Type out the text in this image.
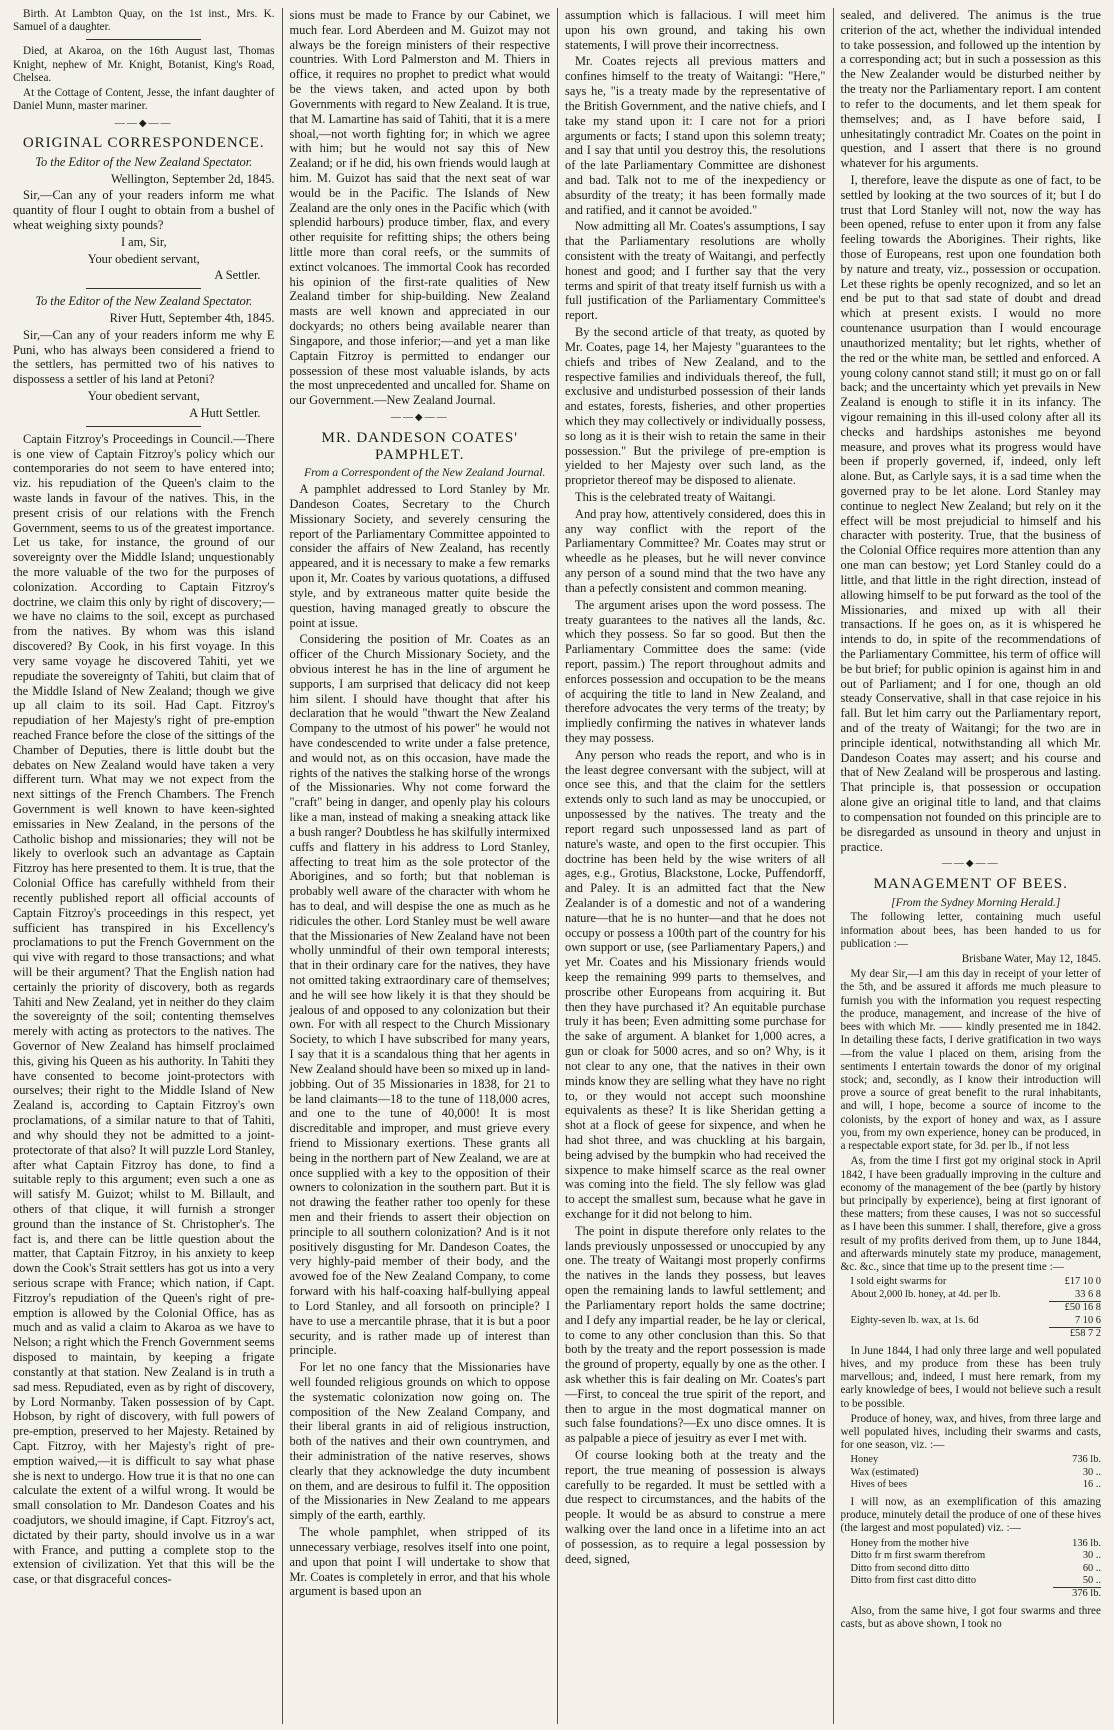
Birth. At Lambton Quay, on the 1st inst., Mrs. K. Samuel of a daughter.

Died, at Akaroa, on the 16th August last, Thomas Knight, nephew of Mr. Knight, Botanist, King's Road, Chelsea.

At the Cottage of Content, Jesse, the infant daughter of Daniel Munn, master mariner.

——◆——
ORIGINAL CORRESPONDENCE.

To the Editor of the New Zealand Spectator.

Wellington, September 2d, 1845.

Sir,—Can any of your readers inform me what quantity of flour I ought to obtain from a bushel of wheat weighing sixty pounds?

I am, Sir,

Your obedient servant,

A Settler.

To the Editor of the New Zealand Spectator.

River Hutt, September 4th, 1845.

Sir,—Can any of your readers inform me why E Puni, who has always been considered a friend to the settlers, has permitted two of his natives to dispossess a settler of his land at Petoni?

Your obedient servant,

A Hutt Settler.

Captain Fitzroy's Proceedings in Council.—There is one view of Captain Fitzroy's policy which our contemporaries do not seem to have entered into; viz. his repudiation of the Queen's claim to the waste lands in favour of the natives. This, in the present crisis of our relations with the French Government, seems to us of the greatest importance. Let us take, for instance, the ground of our sovereignty over the Middle Island; unquestionably the more valuable of the two for the purposes of colonization. According to Captain Fitzroy's doctrine, we claim this only by right of discovery;—we have no claims to the soil, except as purchased from the natives. By whom was this island discovered? By Cook, in his first voyage. In this very same voyage he discovered Tahiti, yet we repudiate the sovereignty of Tahiti, but claim that of the Middle Island of New Zealand; though we give up all claim to its soil. Had Capt. Fitzroy's repudiation of her Majesty's right of pre-emption reached France before the close of the sittings of the Chamber of Deputies, there is little doubt but the debates on New Zealand would have taken a very different turn. What may we not expect from the next sittings of the French Chambers. The French Government is well known to have keen-sighted emissaries in New Zealand, in the persons of the Catholic bishop and missionaries; they will not be likely to overlook such an advantage as Captain Fitzroy has here presented to them. It is true, that the Colonial Office has carefully withheld from their recently published report all official accounts of Captain Fitzroy's proceedings in this respect, yet sufficient has transpired in his Excellency's proclamations to put the French Government on the qui vive with regard to those transactions; and what will be their argument? That the English nation had certainly the priority of discovery, both as regards Tahiti and New Zealand, yet in neither do they claim the sovereignty of the soil; contenting themselves merely with acting as protectors to the natives. The Governor of New Zealand has himself proclaimed this, giving his Queen as his authority. In Tahiti they have consented to become joint-protectors with ourselves; their right to the Middle Island of New Zealand is, according to Captain Fitzroy's own proclamations, of a similar nature to that of Tahiti, and why should they not be admitted to a joint-protectorate of that also? It will puzzle Lord Stanley, after what Captain Fitzroy has done, to find a suitable reply to this argument; even such a one as will satisfy M. Guizot; whilst to M. Billault, and others of that clique, it will furnish a stronger ground than the instance of St. Christopher's. The fact is, and there can be little question about the matter, that Captain Fitzroy, in his anxiety to keep down the Cook's Strait settlers has got us into a very serious scrape with France; which nation, if Capt. Fitzroy's repudiation of the Queen's right of pre-emption is allowed by the Colonial Office, has as much and as valid a claim to Akaroa as we have to Nelson; a right which the French Government seems disposed to maintain, by keeping a frigate constantly at that station. New Zealand is in truth a sad mess. Repudiated, even as by right of discovery, by Lord Normanby. Taken possession of by Capt. Hobson, by right of discovery, with full powers of pre-emption, preserved to her Majesty. Retained by Capt. Fitzroy, with her Majesty's right of pre-emption waived,—it is difficult to say what phase she is next to undergo. How true it is that no one can calculate the extent of a wilful wrong. It would be small consolation to Mr. Dandeson Coates and his coadjutors, we should imagine, if Capt. Fitzroy's act, dictated by their party, should involve us in a war with France, and putting a complete stop to the extension of civilization. Yet that this will be the case, or that disgraceful conces-

sions must be made to France by our Cabinet, we much fear. Lord Aberdeen and M. Guizot may not always be the foreign ministers of their respective countries. With Lord Palmerston and M. Thiers in office, it requires no prophet to predict what would be the views taken, and acted upon by both Governments with regard to New Zealand. It is true, that M. Lamartine has said of Tahiti, that it is a mere shoal,—not worth fighting for; in which we agree with him; but he would not say this of New Zealand; or if he did, his own friends would laugh at him. M. Guizot has said that the next seat of war would be in the Pacific. The Islands of New Zealand are the only ones in the Pacific which (with splendid harbours) produce timber, flax, and every other requisite for refitting ships; the others being little more than coral reefs, or the summits of extinct volcanoes. The immortal Cook has recorded his opinion of the first-rate qualities of New Zealand timber for ship-building. New Zealand masts are well known and appreciated in our dockyards; no others being available nearer than Singapore, and those inferior;—and yet a man like Captain Fitzroy is permitted to endanger our possession of these most valuable islands, by acts the most unprecedented and uncalled for. Shame on our Government.—New Zealand Journal.

——◆——
MR. DANDESON COATES' PAMPHLET.

From a Correspondent of the New Zealand Journal.

A pamphlet addressed to Lord Stanley by Mr. Dandeson Coates, Secretary to the Church Missionary Society, and severely censuring the report of the Parliamentary Committee appointed to consider the affairs of New Zealand, has recently appeared, and it is necessary to make a few remarks upon it, Mr. Coates by various quotations, a diffused style, and by extraneous matter quite beside the question, having managed greatly to obscure the point at issue.

Considering the position of Mr. Coates as an officer of the Church Missionary Society, and the obvious interest he has in the line of argument he supports, I am surprised that delicacy did not keep him silent. I should have thought that after his declaration that he would "thwart the New Zealand Company to the utmost of his power" he would not have condescended to write under a false pretence, and would not, as on this occasion, have made the rights of the natives the stalking horse of the wrongs of the Missionaries. Why not come forward the "craft" being in danger, and openly play his colours like a man, instead of making a sneaking attack like a bush ranger? Doubtless he has skilfully intermixed cuffs and flattery in his address to Lord Stanley, affecting to treat him as the sole protector of the Aborigines, and so forth; but that nobleman is probably well aware of the character with whom he has to deal, and will despise the one as much as he ridicules the other. Lord Stanley must be well aware that the Missionaries of New Zealand have not been wholly unmindful of their own temporal interests; that in their ordinary care for the natives, they have not omitted taking extraordinary care of themselves; and he will see how likely it is that they should be jealous of and opposed to any colonization but their own. For with all respect to the Church Missionary Society, to which I have subscribed for many years, I say that it is a scandalous thing that her agents in New Zealand should have been so mixed up in land-jobbing. Out of 35 Missionaries in 1838, for 21 to be land claimants—18 to the tune of 118,000 acres, and one to the tune of 40,000! It is most discreditable and improper, and must grieve every friend to Missionary exertions. These grants all being in the northern part of New Zealand, we are at once supplied with a key to the opposition of their owners to colonization in the southern part. But it is not drawing the feather rather too openly for these men and their friends to assert their objection on principle to all southern colonization? And is it not positively disgusting for Mr. Dandeson Coates, the very highly-paid member of their body, and the avowed foe of the New Zealand Company, to come forward with his half-coaxing half-bullying appeal to Lord Stanley, and all forsooth on principle? I have to use a mercantile phrase, that it is but a poor security, and is rather made up of interest than principle.

For let no one fancy that the Missionaries have well founded religious grounds on which to oppose the systematic colonization now going on. The composition of the New Zealand Company, and their liberal grants in aid of religious instruction, both of the natives and their own countrymen, and their administration of the native reserves, shows clearly that they acknowledge the duty incumbent on them, and are desirous to fulfil it. The opposition of the Missionaries in New Zealand to me appears simply of the earth, earthly.

The whole pamphlet, when stripped of its unnecessary verbiage, resolves itself into one point, and upon that point I will undertake to show that Mr. Coates is completely in error, and that his whole argument is based upon an

assumption which is fallacious. I will meet him upon his own ground, and taking his own statements, I will prove their incorrectness.

Mr. Coates rejects all previous matters and confines himself to the treaty of Waitangi: "Here," says he, "is a treaty made by the representative of the British Government, and the native chiefs, and I take my stand upon it: I care not for a priori arguments or facts; I stand upon this solemn treaty; and I say that until you destroy this, the resolutions of the late Parliamentary Committee are dishonest and bad. Talk not to me of the inexpediency or absurdity of the treaty; it has been formally made and ratified, and it cannot be avoided."

Now admitting all Mr. Coates's assumptions, I say that the Parliamentary resolutions are wholly consistent with the treaty of Waitangi, and perfectly honest and good; and I further say that the very terms and spirit of that treaty itself furnish us with a full justification of the Parliamentary Committee's report.

By the second article of that treaty, as quoted by Mr. Coates, page 14, her Majesty "guarantees to the chiefs and tribes of New Zealand, and to the respective families and individuals thereof, the full, exclusive and undisturbed possession of their lands and estates, forests, fisheries, and other properties which they may collectively or individually possess, so long as it is their wish to retain the same in their possession." But the privilege of pre-emption is yielded to her Majesty over such land, as the proprietor thereof may be disposed to alienate.

This is the celebrated treaty of Waitangi.

And pray how, attentively considered, does this in any way conflict with the report of the Parliamentary Committee? Mr. Coates may strut or wheedle as he pleases, but he will never convince any person of a sound mind that the two have any than a pefectly consistent and common meaning.

The argument arises upon the word possess. The treaty guarantees to the natives all the lands, &c. which they possess. So far so good. But then the Parliamentary Committee does the same: (vide report, passim.) The report throughout admits and enforces possession and occupation to be the means of acquiring the title to land in New Zealand, and therefore advocates the very terms of the treaty; by impliedly confirming the natives in whatever lands they may possess.

Any person who reads the report, and who is in the least degree conversant with the subject, will at once see this, and that the claim for the settlers extends only to such land as may be unoccupied, or unpossessed by the natives. The treaty and the report regard such unpossessed land as part of nature's waste, and open to the first occupier. This doctrine has been held by the wise writers of all ages, e.g., Grotius, Blackstone, Locke, Puffendorff, and Paley. It is an admitted fact that the New Zealander is of a domestic and not of a wandering nature—that he is no hunter—and that he does not occupy or possess a 100th part of the country for his own support or use, (see Parliamentary Papers,) and yet Mr. Coates and his Missionary friends would keep the remaining 999 parts to themselves, and proscribe other Europeans from acquiring it. But then they have purchased it? An equitable purchase truly it has been; Even admitting some purchase for the sake of argument. A blanket for 1,000 acres, a gun or cloak for 5000 acres, and so on? Why, is it not clear to any one, that the natives in their own minds know they are selling what they have no right to, or they would not accept such moonshine equivalents as these? It is like Sheridan getting a shot at a flock of geese for sixpence, and when he had shot three, and was chuckling at his bargain, being advised by the bumpkin who had received the sixpence to make himself scarce as the real owner was coming into the field. The sly fellow was glad to accept the smallest sum, because what he gave in exchange for it did not belong to him.

The point in dispute therefore only relates to the lands previously unpossessed or unoccupied by any one. The treaty of Waitangi most properly confirms the natives in the lands they possess, but leaves open the remaining lands to lawful settlement; and the Parliamentary report holds the same doctrine; and I defy any impartial reader, be he lay or clerical, to come to any other conclusion than this. So that both by the treaty and the report possession is made the ground of property, equally by one as the other. I ask whether this is fair dealing on Mr. Coates's part—First, to conceal the true spirit of the report, and then to argue in the most dogmatical manner on such false foundations?—Ex uno disce omnes. It is as palpable a piece of jesuitry as ever I met with.

Of course looking both at the treaty and the report, the true meaning of possession is always carefully to be regarded. It must be settled with a due respect to circumstances, and the habits of the people. It would be as absurd to construe a mere walking over the land once in a lifetime into an act of possession, as to require a legal possession by deed, signed,

sealed, and delivered. The animus is the true criterion of the act, whether the individual intended to take possession, and followed up the intention by a corresponding act; but in such a possession as this the New Zealander would be disturbed neither by the treaty nor the Parliamentary report. I am content to refer to the documents, and let them speak for themselves; and, as I have before said, I unhesitatingly contradict Mr. Coates on the point in question, and I assert that there is no ground whatever for his arguments.

I, therefore, leave the dispute as one of fact, to be settled by looking at the two sources of it; but I do trust that Lord Stanley will not, now the way has been opened, refuse to enter upon it from any false feeling towards the Aborigines. Their rights, like those of Europeans, rest upon one foundation both by nature and treaty, viz., possession or occupation. Let these rights be openly recognized, and so let an end be put to that sad state of doubt and dread which at present exists. I would no more countenance usurpation than I would encourage unauthorized mentality; but let rights, whether of the red or the white man, be settled and enforced. A young colony cannot stand still; it must go on or fall back; and the uncertainty which yet prevails in New Zealand is enough to stifle it in its infancy. The vigour remaining in this ill-used colony after all its checks and hardships astonishes me beyond measure, and proves what its progress would have been if properly governed, if, indeed, only left alone. But, as Carlyle says, it is a sad time when the governed pray to be let alone. Lord Stanley may continue to neglect New Zealand; but rely on it the effect will be most prejudicial to himself and his character with posterity. True, that the business of the Colonial Office requires more attention than any one man can bestow; yet Lord Stanley could do a little, and that little in the right direction, instead of allowing himself to be put forward as the tool of the Missionaries, and mixed up with all their transactions. If he goes on, as it is whispered he intends to do, in spite of the recommendations of the Parliamentary Committee, his term of office will be but brief; for public opinion is against him in and out of Parliament; and I for one, though an old steady Conservative, shall in that case rejoice in his fall. But let him carry out the Parliamentary report, and of the treaty of Waitangi; for the two are in principle identical, notwithstanding all which Mr. Dandeson Coates may assert; and his course and that of New Zealand will be prosperous and lasting. That principle is, that possession or occupation alone give an original title to land, and that claims to compensation not founded on this principle are to be disregarded as unsound in theory and unjust in practice.

——◆——
MANAGEMENT OF BEES.

[From the Sydney Morning Herald.]

The following letter, containing much useful information about bees, has been handed to us for publication :—

Brisbane Water, May 12, 1845.

My dear Sir,—I am this day in receipt of your letter of the 5th, and be assured it affords me much pleasure to furnish you with the information you request respecting the produce, management, and increase of the hive of bees with which Mr. —— kindly presented me in 1842. In detailing these facts, I derive gratification in two ways—from the value I placed on them, arising from the sentiments I entertain towards the donor of my original stock; and, secondly, as I know their introduction will prove a source of great benefit to the rural inhabitants, and will, I hope, become a source of income to the colonists, by the export of honey and wax, as I assure you, from my own experience, honey can be produced, in a respectable export state, for 3d. per lb., if not less

As, from the time I first got my original stock in April 1842, I have been gradually improving in the culture and economy of the management of the bee (partly by history but principally by experience), being at first ignorant of these matters; from these causes, I was not so successful as I have been this summer. I shall, therefore, give a gross result of my profits derived from them, up to June 1844, and afterwards minutely state my produce, management, &c. &c., since that time up to the present time :—

I sold eight swarms for	£17 10 0
About 2,000 lb. honey, at 4d. per lb.	33 6 8
	£50 16 8
Eighty-seven lb. wax, at 1s. 6d	7 10 6
	£58 7 2

In June 1844, I had only three large and well populated hives, and my produce from these has been truly marvellous; and, indeed, I must here remark, from my early knowledge of bees, I would not believe such a result to be possible.

Produce of honey, wax, and hives, from three large and well populated hives, including their swarms and casts, for one season, viz. :—

Honey	736 lb.
Wax (estimated)	30 ..
Hives of bees	16 ..

I will now, as an exemplification of this amazing produce, minutely detail the produce of one of these hives (the largest and most populated) viz. :—

Honey from the mother hive	136 lb.
Ditto fr m first swarm therefrom	30 ..
Ditto from second ditto ditto	60 ..
Ditto from first cast ditto ditto	50 ..
	376 lb.

Also, from the same hive, I got four swarms and three casts, but as above shown, I took no
